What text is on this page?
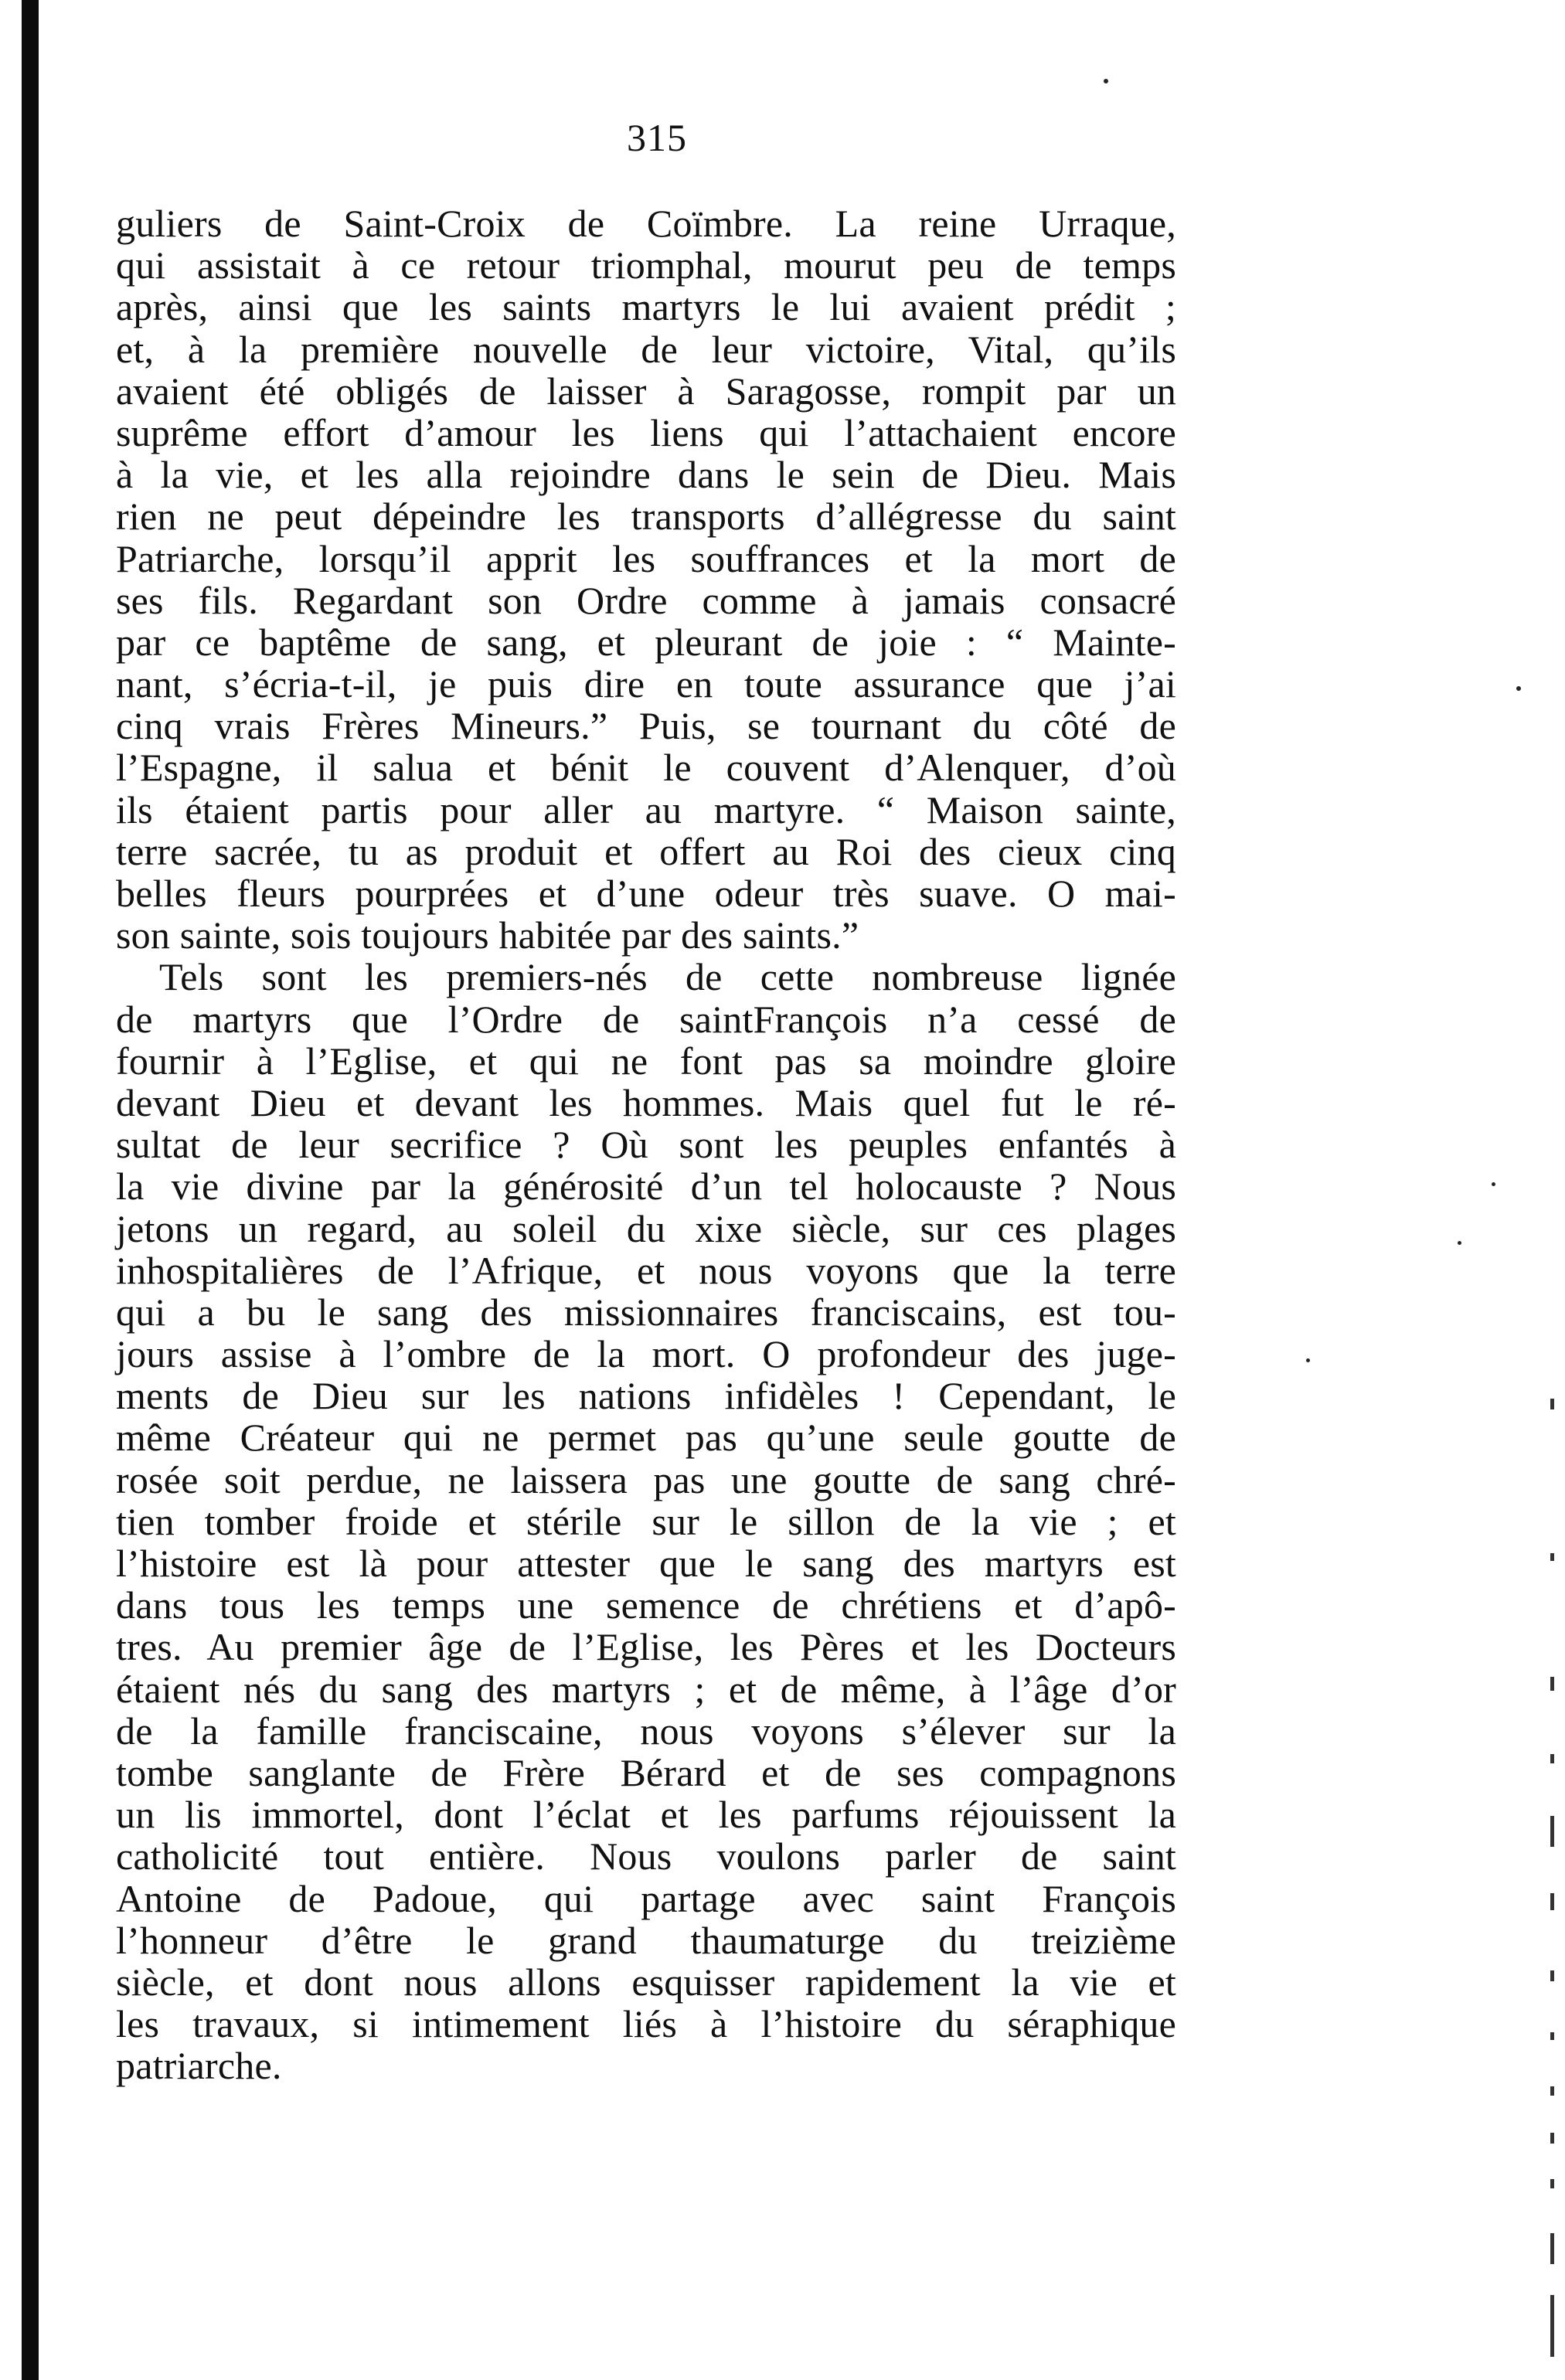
315
guliers de Saint-Croix de Coïmbre. La reine Urraque,
qui assistait à ce retour triomphal, mourut peu de temps
après, ainsi que les saints martyrs le lui avaient prédit ;
et, à la première nouvelle de leur victoire, Vital, qu’ils
avaient été obligés de laisser à Saragosse, rompit par un
suprême effort d’amour les liens qui l’attachaient encore
à la vie, et les alla rejoindre dans le sein de Dieu. Mais
rien ne peut dépeindre les transports d’allégresse du saint
Patriarche, lorsqu’il apprit les souffrances et la mort de
ses fils. Regardant son Ordre comme à jamais consacré
par ce baptême de sang, et pleurant de joie : “ Mainte-
nant, s’écria-t-il, je puis dire en toute assurance que j’ai
cinq vrais Frères Mineurs.” Puis, se tournant du côté de
l’Espagne, il salua et bénit le couvent d’Alenquer, d’où
ils étaient partis pour aller au martyre. “ Maison sainte,
terre sacrée, tu as produit et offert au Roi des cieux cinq
belles fleurs pourprées et d’une odeur très suave. O mai-
son sainte, sois toujours habitée par des saints.”
Tels sont les premiers-nés de cette nombreuse lignée
de martyrs que l’Ordre de saintFrançois n’a cessé de
fournir à l’Eglise, et qui ne font pas sa moindre gloire
devant Dieu et devant les hommes. Mais quel fut le ré-
sultat de leur secrifice ? Où sont les peuples enfantés à
la vie divine par la générosité d’un tel holocauste ? Nous
jetons un regard, au soleil du xixe siècle, sur ces plages
inhospitalières de l’Afrique, et nous voyons que la terre
qui a bu le sang des missionnaires franciscains, est tou-
jours assise à l’ombre de la mort. O profondeur des juge-
ments de Dieu sur les nations infidèles ! Cependant, le
même Créateur qui ne permet pas qu’une seule goutte de
rosée soit perdue, ne laissera pas une goutte de sang chré-
tien tomber froide et stérile sur le sillon de la vie ; et
l’histoire est là pour attester que le sang des martyrs est
dans tous les temps une semence de chrétiens et d’apô-
tres. Au premier âge de l’Eglise, les Pères et les Docteurs
étaient nés du sang des martyrs ; et de même, à l’âge d’or
de la famille franciscaine, nous voyons s’élever sur la
tombe sanglante de Frère Bérard et de ses compagnons
un lis immortel, dont l’éclat et les parfums réjouissent la
catholicité tout entière. Nous voulons parler de saint
Antoine de Padoue, qui partage avec saint François
l’honneur d’être le grand thaumaturge du treizième
siècle, et dont nous allons esquisser rapidement la vie et
les travaux, si intimement liés à l’histoire du séraphique
patriarche.
